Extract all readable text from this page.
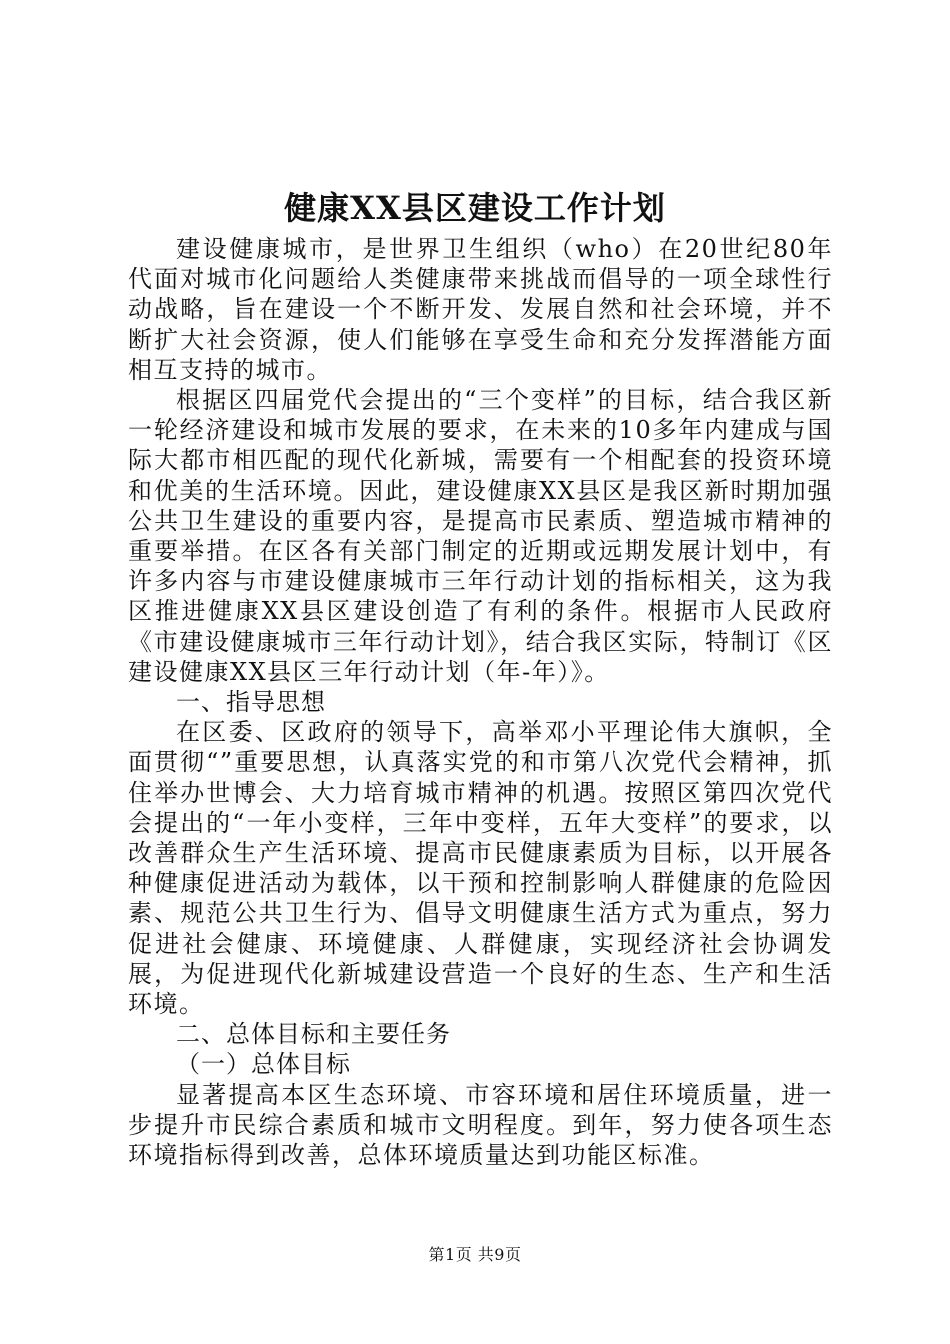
健康XX县区建设工作计划

建设健康城市，是世界卫生组织（who）在20世纪80年代面对城市化问题给人类健康带来挑战而倡导的一项全球性行动战略，旨在建设一个不断开发、发展自然和社会环境，并不断扩大社会资源，使人们能够在享受生命和充分发挥潜能方面相互支持的城市。

根据区四届党代会提出的“三个变样”的目标，结合我区新一轮经济建设和城市发展的要求，在未来的10多年内建成与国际大都市相匹配的现代化新城，需要有一个相配套的投资环境和优美的生活环境。因此，建设健康XX县区是我区新时期加强公共卫生建设的重要内容，是提高市民素质、塑造城市精神的重要举措。在区各有关部门制定的近期或远期发展计划中，有许多内容与市建设健康城市三年行动计划的指标相关，这为我区推进健康XX县区建设创造了有利的条件。根据市人民政府《市建设健康城市三年行动计划》，结合我区实际，特制订《区建设健康XX县区三年行动计划（年-年）》。

一、指导思想

在区委、区政府的领导下，高举邓小平理论伟大旗帜，全面贯彻“”重要思想，认真落实党的和市第八次党代会精神，抓住举办世博会、大力培育城市精神的机遇。按照区第四次党代会提出的“一年小变样，三年中变样，五年大变样”的要求，以改善群众生产生活环境、提高市民健康素质为目标，以开展各种健康促进活动为载体，以干预和控制影响人群健康的危险因素、规范公共卫生行为、倡导文明健康生活方式为重点，努力促进社会健康、环境健康、人群健康，实现经济社会协调发展，为促进现代化新城建设营造一个良好的生态、生产和生活环境。

二、总体目标和主要任务

（一）总体目标

显著提高本区生态环境、市容环境和居住环境质量，进一步提升市民综合素质和城市文明程度。到年，努力使各项生态环境指标得到改善，总体环境质量达到功能区标准。

第1页 共9页
